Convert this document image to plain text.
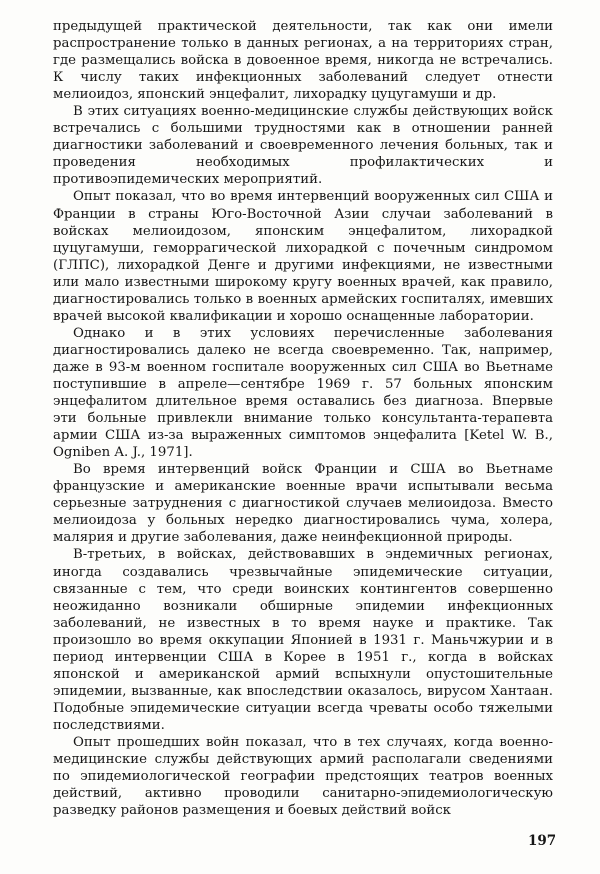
предыдущей практической деятельности, так как они имели распространение только в данных регионах, а на территориях стран, где размещались войска в довоенное время, никогда не встречались. К числу таких инфекционных заболеваний следует отнести мелиоидоз, японский энцефалит, лихорадку цуцугамуши и др.

В этих ситуациях военно-медицинские службы действующих войск встречались с большими трудностями как в отношении ранней диагностики заболеваний и своевременного лечения больных, так и проведения необходимых профилактических и противоэпидемических мероприятий.

Опыт показал, что во время интервенций вооруженных сил США и Франции в страны Юго-Восточной Азии случаи заболеваний в войсках мелиоидозом, японским энцефалитом, лихорадкой цуцугамуши, геморрагической лихорадкой с почечным синдромом (ГЛПС), лихорадкой Денге и другими инфекциями, не известными или мало известными широкому кругу военных врачей, как правило, диагностировались только в военных армейских госпиталях, имевших врачей высокой квалификации и хорошо оснащенные лаборатории.

Однако и в этих условиях перечисленные заболевания диагностировались далеко не всегда своевременно. Так, например, даже в 93-м военном госпитале вооруженных сил США во Вьетнаме поступившие в апреле—сентябре 1969 г. 57 больных японским энцефалитом длительное время оставались без диагноза. Впервые эти больные привлекли внимание только консультанта-терапевта армии США из-за выраженных симптомов энцефалита [Ketel W. B., Ogniben A. J., 1971].

Во время интервенций войск Франции и США во Вьетнаме французские и американские военные врачи испытывали весьма серьезные затруднения с диагностикой случаев мелиоидоза. Вместо мелиоидоза у больных нередко диагностировались чума, холера, малярия и другие заболевания, даже неинфекционной природы.

В-третьих, в войсках, действовавших в эндемичных регионах, иногда создавались чрезвычайные эпидемические ситуации, связанные с тем, что среди воинских контингентов совершенно неожиданно возникали обширные эпидемии инфекционных заболеваний, не известных в то время науке и практике. Так произошло во время оккупации Японией в 1931 г. Маньчжурии и в период интервенции США в Корее в 1951 г., когда в войсках японской и американской армий вспыхнули опустошительные эпидемии, вызванные, как впоследствии оказалось, вирусом Хантаан. Подобные эпидемические ситуации всегда чреваты особо тяжелыми последствиями.

Опыт прошедших войн показал, что в тех случаях, когда военно-медицинские службы действующих армий располагали сведениями по эпидемиологической географии предстоящих театров военных действий, активно проводили санитарно-эпидемиологическую разведку районов размещения и боевых действий войск

197
